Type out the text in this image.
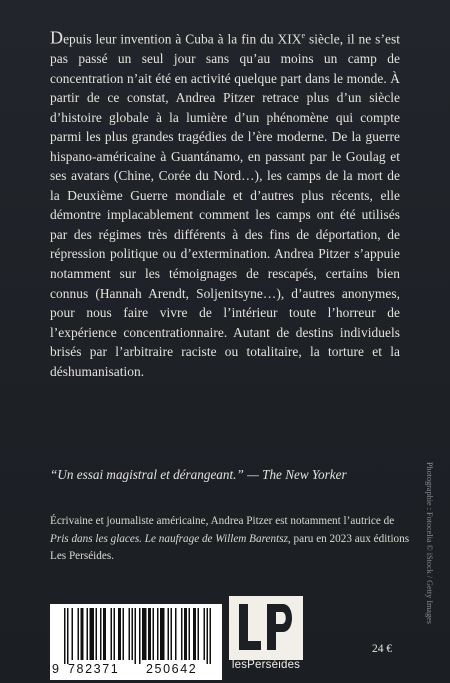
Depuis leur invention à Cuba à la fin du XIXe siècle, il ne s’est pas passé un seul jour sans qu’au moins un camp de concentration n’ait été en activité quelque part dans le monde. À partir de ce constat, Andrea Pitzer retrace plus d’un siècle d’histoire globale à la lumière d’un phénomène qui compte parmi les plus grandes tragédies de l’ère moderne. De la guerre hispano-américaine à Guantánamo, en passant par le Goulag et ses avatars (Chine, Corée du Nord…), les camps de la mort de la Deuxième Guerre mondiale et d’autres plus récents, elle démontre implacablement comment les camps ont été utilisés par des régimes très différents à des fins de déportation, de répression politique ou d’extermination. Andrea Pitzer s’appuie notamment sur les témoignages de rescapés, certains bien connus (Hannah Arendt, Soljenitsyne…), d’autres anonymes, pour nous faire vivre de l’intérieur toute l’horreur de l’expérience concentrationnaire. Autant de destins individuels brisés par l’arbitraire raciste ou totalitaire, la torture et la déshumanisation.

“Un essai magistral et dérangeant.” — The New Yorker
Écrivaine et journaliste américaine, Andrea Pitzer est notamment l’autrice de Pris dans les glaces. Le naufrage de Willem Barentsz, paru en 2023 aux éditions Les Perséides.	Photographie : Fotocelia © iStock / Getty Images
9 782371 250642	lesPerséides
24 €
